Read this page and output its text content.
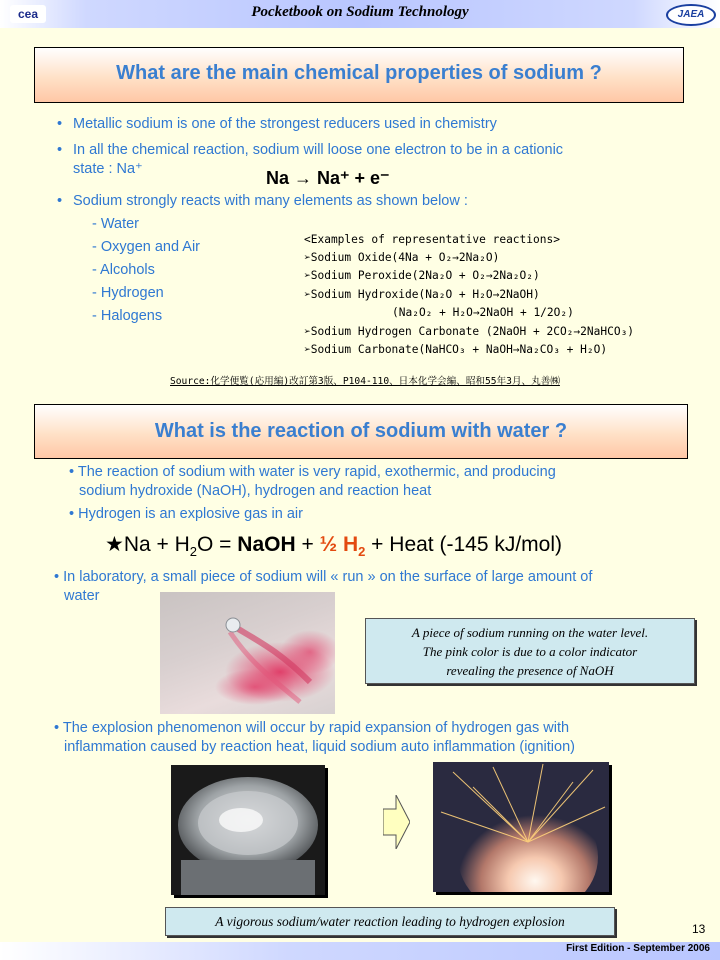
cea	Pocketbook on Sodium Technology	JAEA
What are the main chemical properties of sodium ?
• Metallic sodium is one of the strongest reducers used in chemistry
• In all the chemical reaction, sodium will loose one electron to be in a cationic
state : Na⁺	Na → Na⁺ + e⁻
• Sodium strongly reacts with many elements as shown below :
- Water
- Oxygen and Air
- Alcohols
- Hydrogen
- Halogens
<Examples of representative reactions>
➢Sodium Oxide(4Na + O₂→2Na₂O)
➢Sodium Peroxide(2Na₂O + O₂→2Na₂O₂)
➢Sodium Hydroxide(Na₂O + H₂O→2NaOH)
(Na₂O₂ + H₂O→2NaOH + 1/2O₂)
➢Sodium Hydrogen Carbonate (2NaOH + 2CO₂→2NaHCO₃)
➢Sodium Carbonate(NaHCO₃ + NaOH→Na₂CO₃ + H₂O)
Source:化学便覧(応用編)改訂第3版、P104-110、日本化学会編、昭和55年3月、丸善㈱
What is the reaction of sodium with water ?
• The reaction of sodium with water is very rapid, exothermic, and producing
sodium hydroxide (NaOH), hydrogen and reaction heat
• Hydrogen is an explosive gas in air
★Na + $H_2O$ = NaOH + ½ $H_2$ + Heat (-145 kJ/mol)
• In laboratory, a small piece of sodium will « run » on the surface of large amount of
water
A piece of sodium running on the water level.
The pink color is due to a color indicator
revealing the presence of NaOH
• The explosion phenomenon will occur by rapid expansion of hydrogen gas with
inflammation caused by reaction heat, liquid sodium auto inflammation (ignition)
A vigorous sodium/water reaction leading to hydrogen explosion	13
First Edition - September 2006
